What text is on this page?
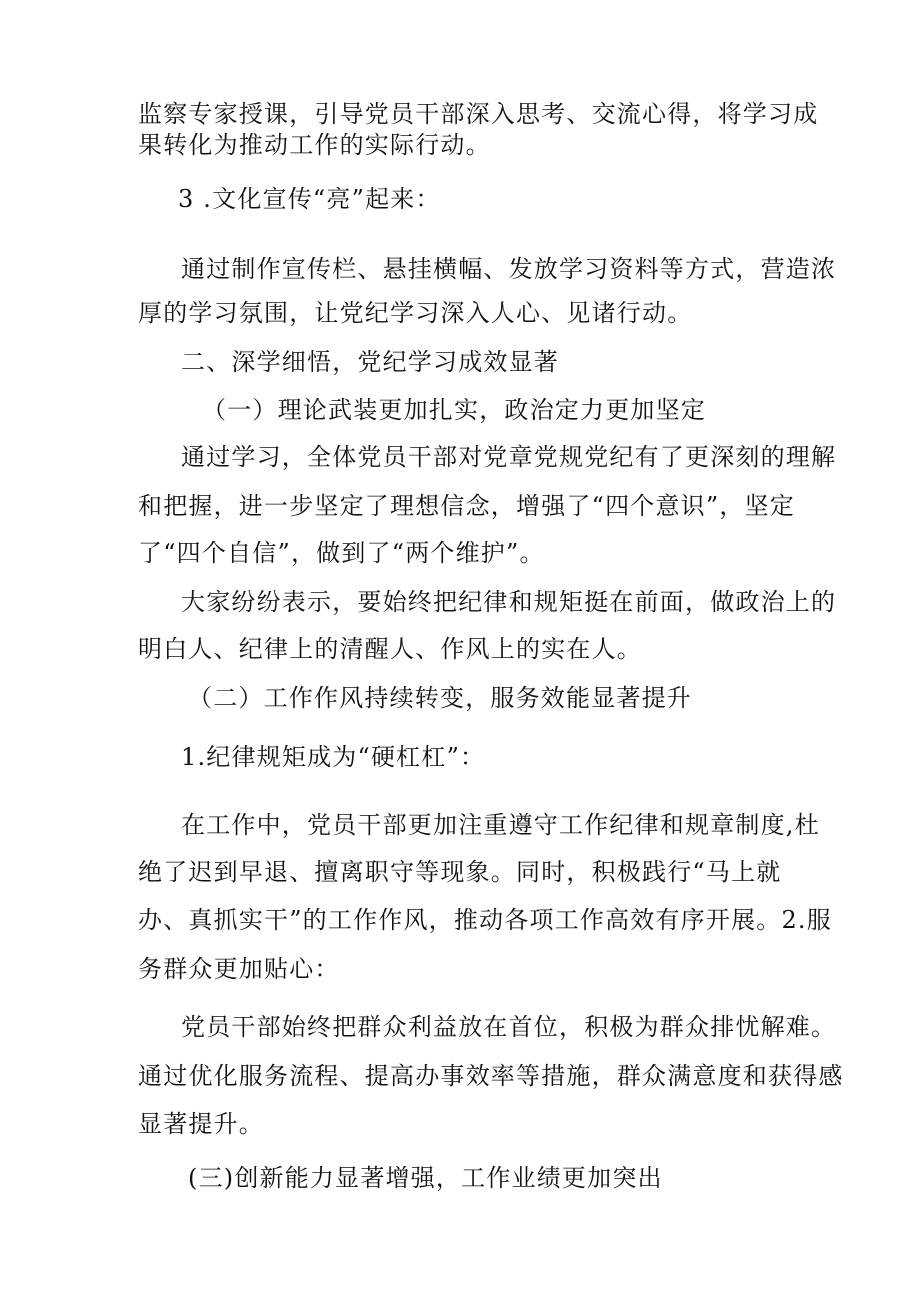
监察专家授课，引导党员干部深入思考、交流心得，将学习成

果转化为推动工作的实际行动。

3 .文化宣传“亮”起来：

通过制作宣传栏、悬挂横幅、发放学习资料等方式，营造浓

厚的学习氛围，让党纪学习深入人心、见诸行动。

二、深学细悟，党纪学习成效显著

（一）理论武装更加扎实，政治定力更加坚定

通过学习，全体党员干部对党章党规党纪有了更深刻的理解

和把握，进一步坚定了理想信念，增强了“四个意识”，坚定

了“四个自信”，做到了“两个维护”。

大家纷纷表示，要始终把纪律和规矩挺在前面，做政治上的

明白人、纪律上的清醒人、作风上的实在人。

（二）工作作风持续转变，服务效能显著提升

1.纪律规矩成为“硬杠杠”：

在工作中，党员干部更加注重遵守工作纪律和规章制度,杜

绝了迟到早退、擅离职守等现象。同时，积极践行“马上就

办、真抓实干”的工作作风，推动各项工作高效有序开展。2.服

务群众更加贴心：

党员干部始终把群众利益放在首位，积极为群众排忧解难。

通过优化服务流程、提高办事效率等措施，群众满意度和获得感

显著提升。

(三)创新能力显著增强，工作业绩更加突出
